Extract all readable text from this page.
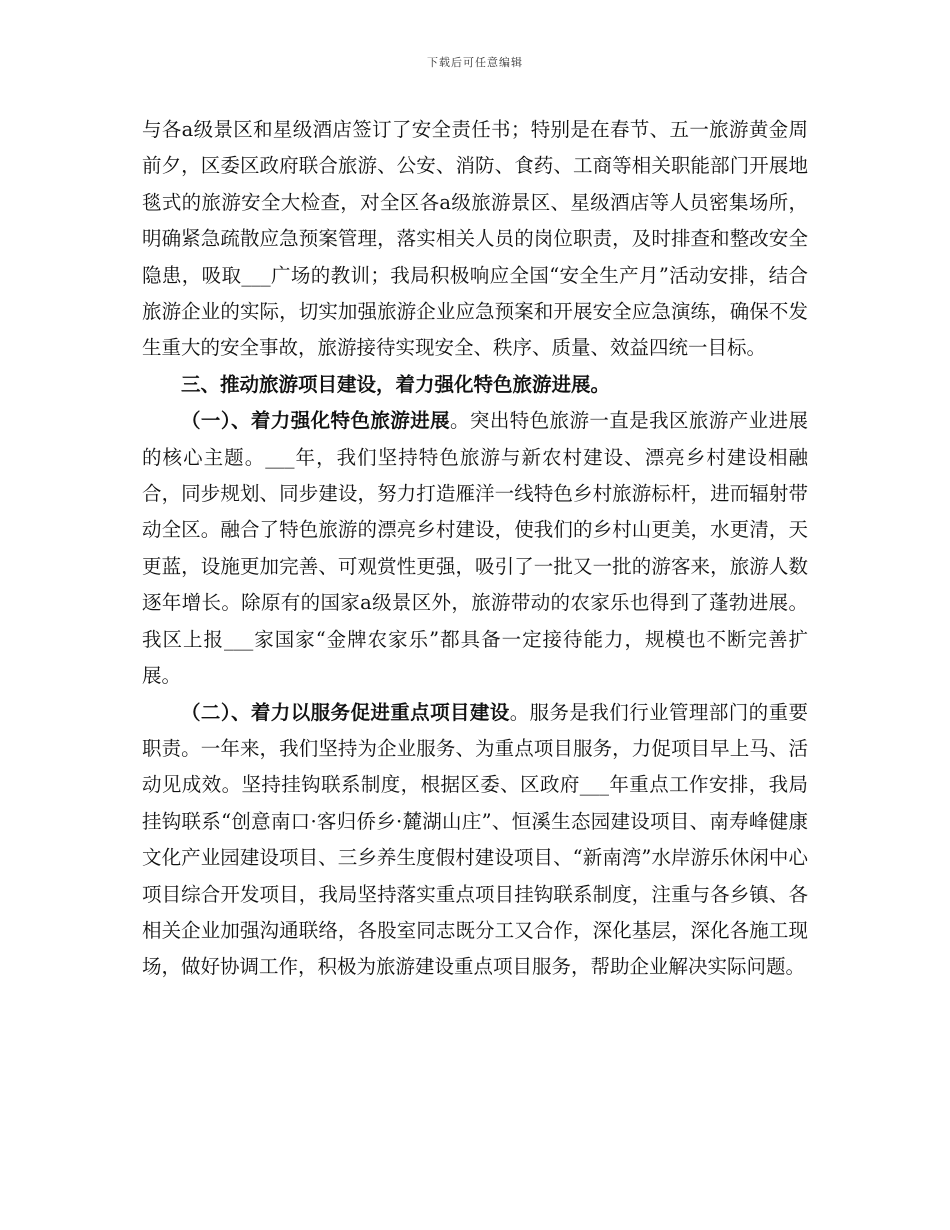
下载后可任意编辑

与各a级景区和星级酒店签订了安全责任书；特别是在春节、五一旅游黄金周前夕，区委区政府联合旅游、公安、消防、食药、工商等相关职能部门开展地毯式的旅游安全大检查，对全区各a级旅游景区、星级酒店等人员密集场所，明确紧急疏散应急预案管理，落实相关人员的岗位职责，及时排查和整改安全隐患，吸取___广场的教训；我局积极响应全国“安全生产月”活动安排，结合旅游企业的实际，切实加强旅游企业应急预案和开展安全应急演练，确保不发生重大的安全事故，旅游接待实现安全、秩序、质量、效益四统一目标。

三、推动旅游项目建设，着力强化特色旅游进展。

（一）、着力强化特色旅游进展。突出特色旅游一直是我区旅游产业进展的核心主题。___年，我们坚持特色旅游与新农村建设、漂亮乡村建设相融合，同步规划、同步建设，努力打造雁洋一线特色乡村旅游标杆，进而辐射带动全区。融合了特色旅游的漂亮乡村建设，使我们的乡村山更美，水更清，天更蓝，设施更加完善、可观赏性更强，吸引了一批又一批的游客来，旅游人数逐年增长。除原有的国家a级景区外，旅游带动的农家乐也得到了蓬勃进展。我区上报___家国家“金牌农家乐”都具备一定接待能力，规模也不断完善扩展。

（二）、着力以服务促进重点项目建设。服务是我们行业管理部门的重要职责。一年来，我们坚持为企业服务、为重点项目服务，力促项目早上马、活动见成效。坚持挂钩联系制度，根据区委、区政府___年重点工作安排，我局挂钩联系“创意南口·客归侨乡·麓湖山庄”、恒溪生态园建设项目、南寿峰健康文化产业园建设项目、三乡养生度假村建设项目、“新南湾”水岸游乐休闲中心项目综合开发项目，我局坚持落实重点项目挂钩联系制度，注重与各乡镇、各相关企业加强沟通联络，各股室同志既分工又合作，深化基层，深化各施工现场，做好协调工作，积极为旅游建设重点项目服务，帮助企业解决实际问题。
